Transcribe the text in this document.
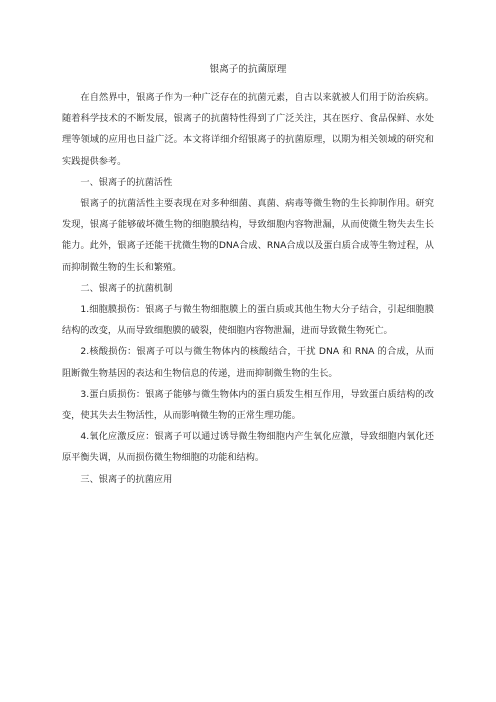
银离子的抗菌原理

在自然界中，银离子作为一种广泛存在的抗菌元素，自古以来就被人们用于防治疾病。随着科学技术的不断发展，银离子的抗菌特性得到了广泛关注，其在医疗、食品保鲜、水处理等领域的应用也日益广泛。本文将详细介绍银离子的抗菌原理，以期为相关领域的研究和实践提供参考。

一、银离子的抗菌活性

银离子的抗菌活性主要表现在对多种细菌、真菌、病毒等微生物的生长抑制作用。研究发现，银离子能够破坏微生物的细胞膜结构，导致细胞内容物泄漏，从而使微生物失去生长能力。此外，银离子还能干扰微生物的DNA合成、RNA合成以及蛋白质合成等生物过程，从而抑制微生物的生长和繁殖。

二、银离子的抗菌机制

1.细胞膜损伤：银离子与微生物细胞膜上的蛋白质或其他生物大分子结合，引起细胞膜结构的改变，从而导致细胞膜的破裂，使细胞内容物泄漏，进而导致微生物死亡。

2.核酸损伤：银离子可以与微生物体内的核酸结合，干扰 DNA 和 RNA 的合成，从而阻断微生物基因的表达和生物信息的传递，进而抑制微生物的生长。

3.蛋白质损伤：银离子能够与微生物体内的蛋白质发生相互作用，导致蛋白质结构的改变，使其失去生物活性，从而影响微生物的正常生理功能。

4.氧化应激反应：银离子可以通过诱导微生物细胞内产生氧化应激，导致细胞内氧化还原平衡失调，从而损伤微生物细胞的功能和结构。

三、银离子的抗菌应用
